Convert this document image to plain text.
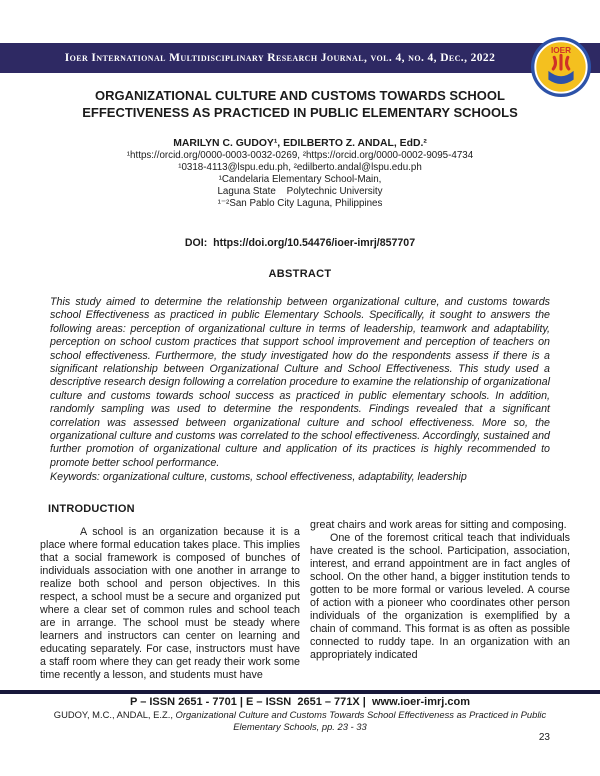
Ioer International Multidisciplinary Research Journal, vol. 4, no. 4, Dec., 2022
IOER
ORGANIZATIONAL CULTURE AND CUSTOMS TOWARDS SCHOOL EFFECTIVENESS AS PRACTICED IN PUBLIC ELEMENTARY SCHOOLS
MARILYN C. GUDOY¹, EDILBERTO Z. ANDAL, EdD.²
¹https://orcid.org/0000-0003-0032-0269, ²https://orcid.org/0000-0002-9095-4734
¹0318-4113@lspu.edu.ph, ²edilberto.andal@lspu.edu.ph
¹Candelaria Elementary School-Main,
Laguna State    Polytechnic University
¹⁻²San Pablo City Laguna, Philippines
DOI:  https://doi.org/10.54476/ioer-imrj/857707
ABSTRACT

This study aimed to determine the relationship between organizational culture, and customs towards school Effectiveness as practiced in public Elementary Schools. Specifically, it sought to answers the following areas: perception of organizational culture in terms of leadership, teamwork and adaptability, perception on school custom practices that support school improvement and perception of teachers on school effectiveness. Furthermore, the study investigated how do the respondents assess if there is a significant relationship between Organizational Culture and School Effectiveness. This study used a descriptive research design following a correlation procedure to examine the relationship of organizational culture and customs towards school success as practiced in public elementary schools. In addition, randomly sampling was used to determine the respondents. Findings revealed that a significant correlation was assessed between organizational culture and school effectiveness. More so, the organizational culture and customs was correlated to the school effectiveness. Accordingly, sustained and further promotion of organizational culture and application of its practices is highly recommended to promote better school performance.

Keywords: organizational culture, customs, school effectiveness, adaptability, leadership
INTRODUCTION

A school is an organization because it is a place where formal education takes place. This implies that a social framework is composed of bunches of individuals association with one another in arrange to realize both school and person objectives. In this respect, a school must be a secure and organized put where a clear set of common rules and school teach are in arrange. The school must be steady where learners and instructors can center on learning and educating separately. For case, instructors must have a staff room where they can get ready their work some time recently a lesson, and students must have

great chairs and work areas for sitting and composing.

One of the foremost critical teach that individuals have created is the school. Participation, association, interest, and errand appointment are in fact angles of school. On the other hand, a bigger institution tends to gotten to be more formal or various leveled. A course of action with a pioneer who coordinates other person individuals of the organization is exemplified by a chain of command. This format is as often as possible connected to ruddy tape. In an organization with an appropriately indicated

P – ISSN 2651 - 7701 | E – ISSN  2651 – 771X |  www.ioer-imrj.com
GUDOY, M.C., ANDAL, E.Z., Organizational Culture and Customs Towards School Effectiveness as Practiced in Public Elementary Schools, pp. 23 - 33
23
